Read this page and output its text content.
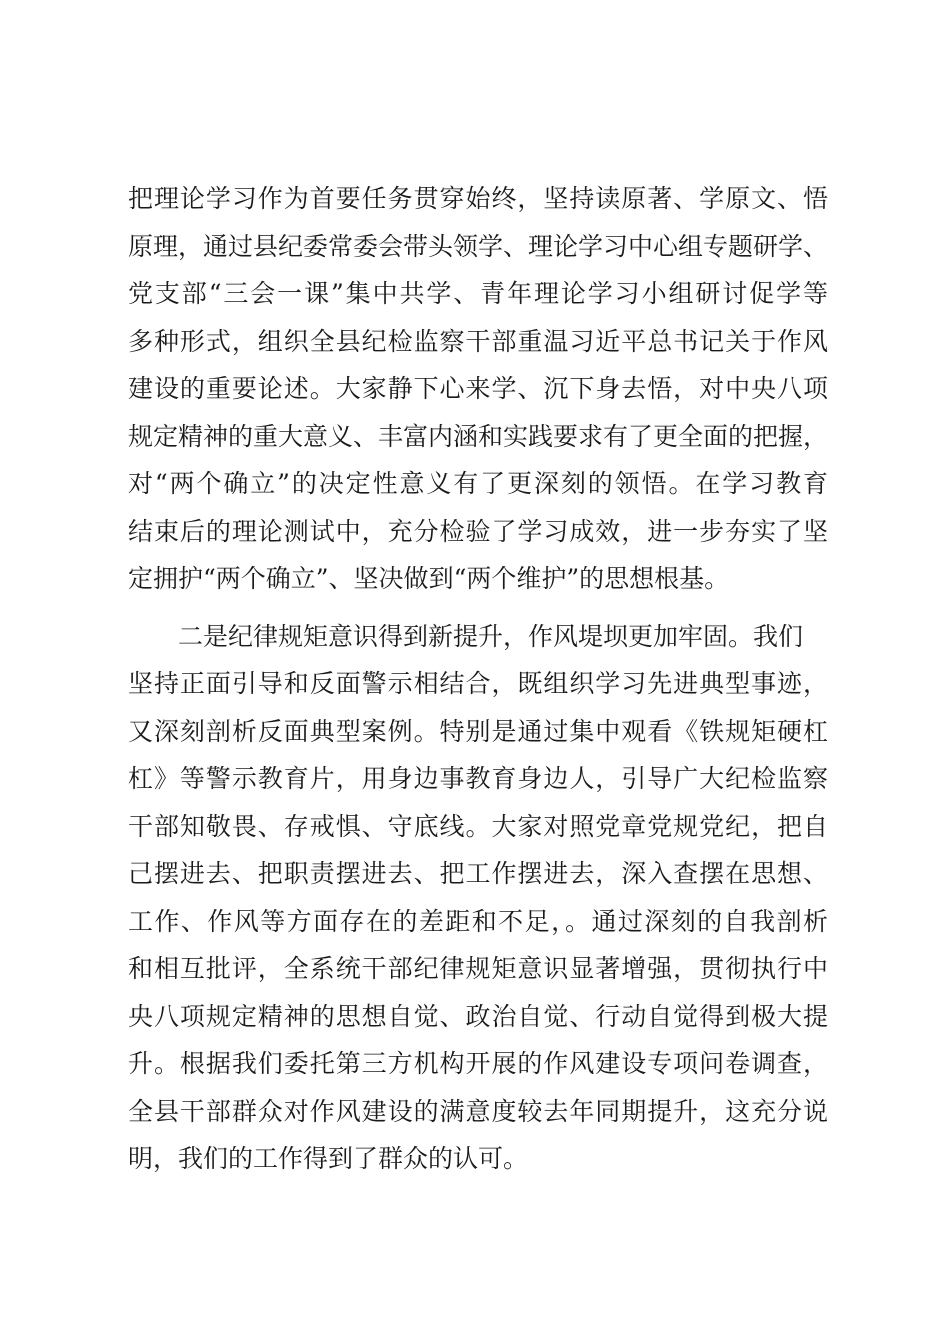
把理论学习作为首要任务贯穿始终，坚持读原著、学原文、悟
原理，通过县纪委常委会带头领学、理论学习中心组专题研学、
党支部“三会一课”集中共学、青年理论学习小组研讨促学等
多种形式，组织全县纪检监察干部重温习近平总书记关于作风
建设的重要论述。大家静下心来学、沉下身去悟，对中央八项
规定精神的重大意义、丰富内涵和实践要求有了更全面的把握，
对“两个确立”的决定性意义有了更深刻的领悟。在学习教育
结束后的理论测试中，充分检验了学习成效，进一步夯实了坚
定拥护“两个确立”、坚决做到“两个维护”的思想根基。
　　二是纪律规矩意识得到新提升，作风堤坝更加牢固。我们
坚持正面引导和反面警示相结合，既组织学习先进典型事迹，
又深刻剖析反面典型案例。特别是通过集中观看《铁规矩硬杠
杠》等警示教育片，用身边事教育身边人，引导广大纪检监察
干部知敬畏、存戒惧、守底线。大家对照党章党规党纪，把自
己摆进去、把职责摆进去、把工作摆进去，深入查摆在思想、
工作、作风等方面存在的差距和不足，。通过深刻的自我剖析
和相互批评，全系统干部纪律规矩意识显著增强，贯彻执行中
央八项规定精神的思想自觉、政治自觉、行动自觉得到极大提
升。根据我们委托第三方机构开展的作风建设专项问卷调查，
全县干部群众对作风建设的满意度较去年同期提升，这充分说
明，我们的工作得到了群众的认可。
